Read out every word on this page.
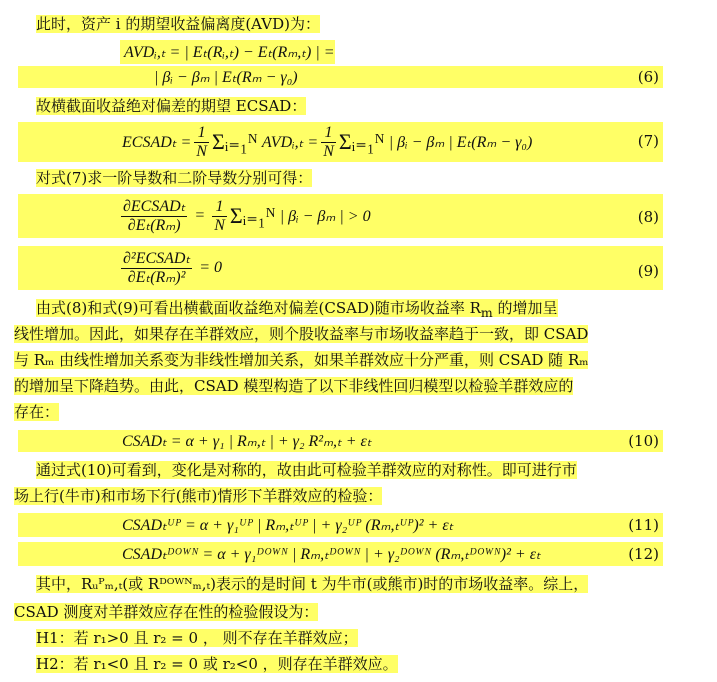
此时，资产 i 的期望收益偏离度(AVD)为：
AVDᵢ,ₜ = | Eₜ(Rᵢ,ₜ) − Eₜ(Rₘ,ₜ) | =
| βᵢ − βₘ | Eₜ(Rₘ − γ₀)	(6)
故横截面收益绝对偏差的期望 ECSAD：
ECSADₜ = $\frac{1}{N}$ Σᵢ₌₁ᴺ AVDᵢ,ₜ = $\frac{1}{N}$ Σᵢ₌₁ᴺ | βᵢ − βₘ | Eₜ(Rₘ − γ₀)	(7)
对式(7)求一阶导数和二阶导数分别可得：
$\frac{\text{∂ECSADₜ}}{\text{∂Eₜ(Rₘ)}} = \frac{1}{N}$ Σᵢ₌₁ᴺ | βᵢ − βₘ | > 0	(8)
$\frac{\text{∂²ECSADₜ}}{\text{∂Eₜ(Rₘ)²}} = 0$	(9)
由式(8)和式(9)可看出横截面收益绝对偏差(CSAD)随市场收益率 $R_m$ 的增加呈
线性增加。因此，如果存在羊群效应，则个股收益率与市场收益率趋于一致，即 CSAD
与 Rₘ 由线性增加关系变为非线性增加关系，如果羊群效应十分严重，则 CSAD 随 Rₘ
的增加呈下降趋势。由此，CSAD 模型构造了以下非线性回归模型以检验羊群效应的
存在：
CSADₜ = α + γ₁ | Rₘ,ₜ | + γ₂ R²ₘ,ₜ + εₜ	(10)
通过式(10)可看到，变化是对称的，故由此可检验羊群效应的对称性。即可进行市
场上行(牛市)和市场下行(熊市)情形下羊群效应的检验：
CSADₜᵁᴾ = α + γ₁ᵁᴾ | Rₘ,ₜᵁᴾ | + γ₂ᵁᴾ (Rₘ,ₜᵁᴾ)² + εₜ	(11)
CSADₜᴰᴼᵂᴺ = α + γ₁ᴰᴼᵂᴺ | Rₘ,ₜᴰᴼᵂᴺ | + γ₂ᴰᴼᵂᴺ (Rₘ,ₜᴰᴼᵂᴺ)² + εₜ	(12)
其中，Rᵤᴾₘ,ₜ(或 Rᴰᴼᵂᴺₘ,ₜ)表示的是时间 t 为牛市(或熊市)时的市场收益率。综上，
CSAD 测度对羊群效应存在性的检验假设为：
H1：若 r₁>0 且 r₂ = 0 ， 则不存在羊群效应；
H2：若 r₁<0 且 r₂ = 0 或 r₂<0 ，则存在羊群效应。
